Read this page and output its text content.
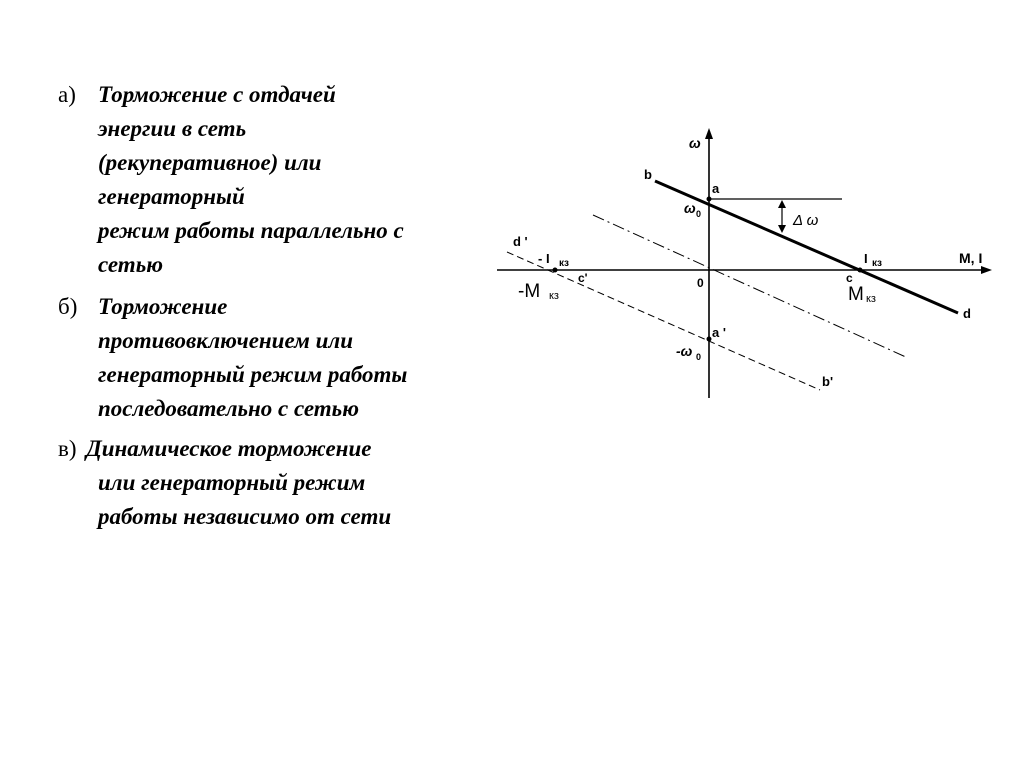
а) Торможение с отдачей
энергии в сеть
(рекуперативное) или
генераторный
режим работы параллельно с
сетью
б) Торможение
противовключением или
генераторный режим работы
последовательно с сетью
в) Динамическое торможение
или генераторный режим
работы независимо от сети
ω
M, I
0
b
a
ω 0	Δ ω
d '
- I кз
c'
-M кз
I кз
c
M кз
d
a '
-ω 0
b'
